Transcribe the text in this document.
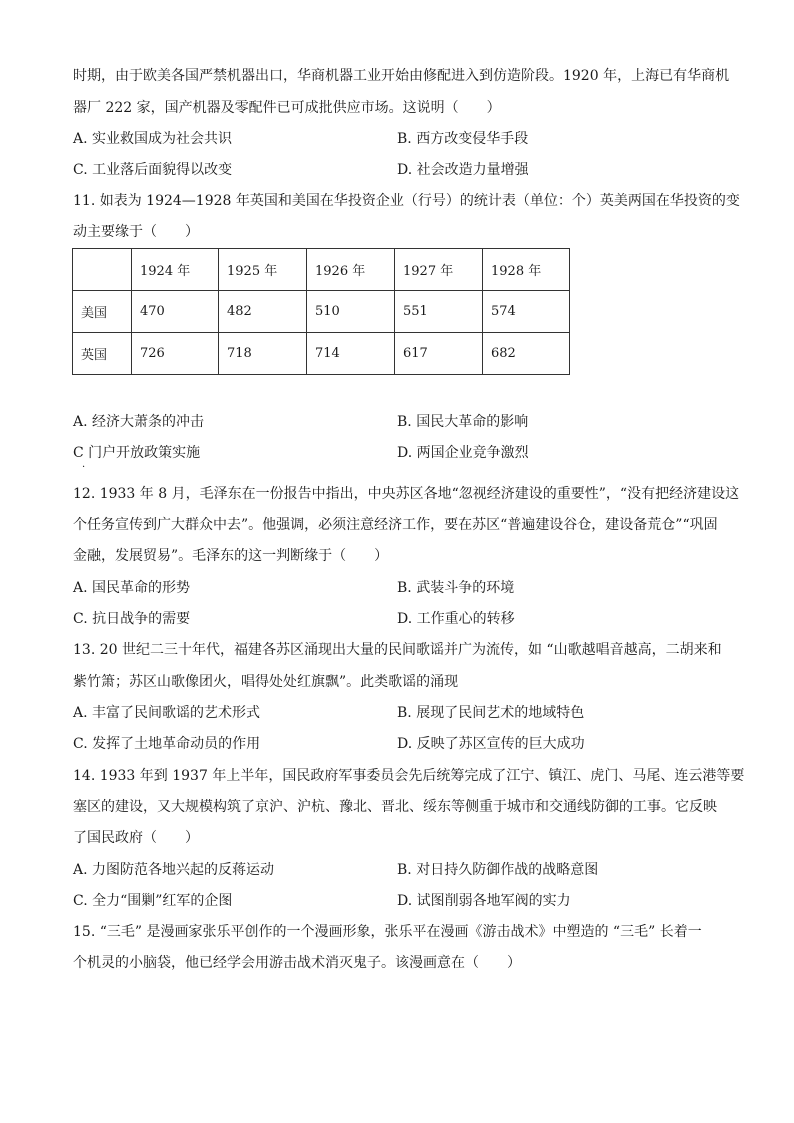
时期，由于欧美各国严禁机器出口，华商机器工业开始由修配进入到仿造阶段。1920 年，上海已有华商机
器厂 222 家，国产机器及零配件已可成批供应市场。这说明（　　）
A. 实业救国成为社会共识	B. 西方改变侵华手段
C. 工业落后面貌得以改变	D. 社会改造力量增强
11. 如表为 1924—1928 年英国和美国在华投资企业（行号）的统计表（单位：个）英美两国在华投资的变
动主要缘于（　　）
	1924 年	1925 年	1926 年	1927 年	1928 年
美国	470	482	510	551	574
英国	726	718	714	617	682
A. 经济大萧条的冲击	B. 国民大革命的影响
C 门户开放政策实施	D. 两国企业竞争激烈
·
12. 1933 年 8 月，毛泽东在一份报告中指出，中央苏区各地“忽视经济建设的重要性”，“没有把经济建设这
个任务宣传到广大群众中去”。他强调，必须注意经济工作，要在苏区“普遍建设谷仓，建设备荒仓”“巩固
金融，发展贸易”。毛泽东的这一判断缘于（　　）
A. 国民革命的形势	B. 武装斗争的环境
C. 抗日战争的需要	D. 工作重心的转移
13. 20 世纪二三十年代，福建各苏区涌现出大量的民间歌谣并广为流传，如 “山歌越唱音越高，二胡来和
紫竹箫；苏区山歌像团火，唱得处处红旗飘”。此类歌谣的涌现
A. 丰富了民间歌谣的艺术形式	B. 展现了民间艺术的地域特色
C. 发挥了土地革命动员的作用	D. 反映了苏区宣传的巨大成功
14. 1933 年到 1937 年上半年，国民政府军事委员会先后统筹完成了江宁、镇江、虎门、马尾、连云港等要
塞区的建设，又大规模构筑了京沪、沪杭、豫北、晋北、绥东等侧重于城市和交通线防御的工事。它反映
了国民政府（　　）
A. 力图防范各地兴起的反蒋运动	B. 对日持久防御作战的战略意图
C. 全力“围剿”红军的企图	D. 试图削弱各地军阀的实力
15. “三毛” 是漫画家张乐平创作的一个漫画形象，张乐平在漫画《游击战术》中塑造的 “三毛” 长着一
个机灵的小脑袋，他已经学会用游击战术消灭鬼子。该漫画意在（　　）
